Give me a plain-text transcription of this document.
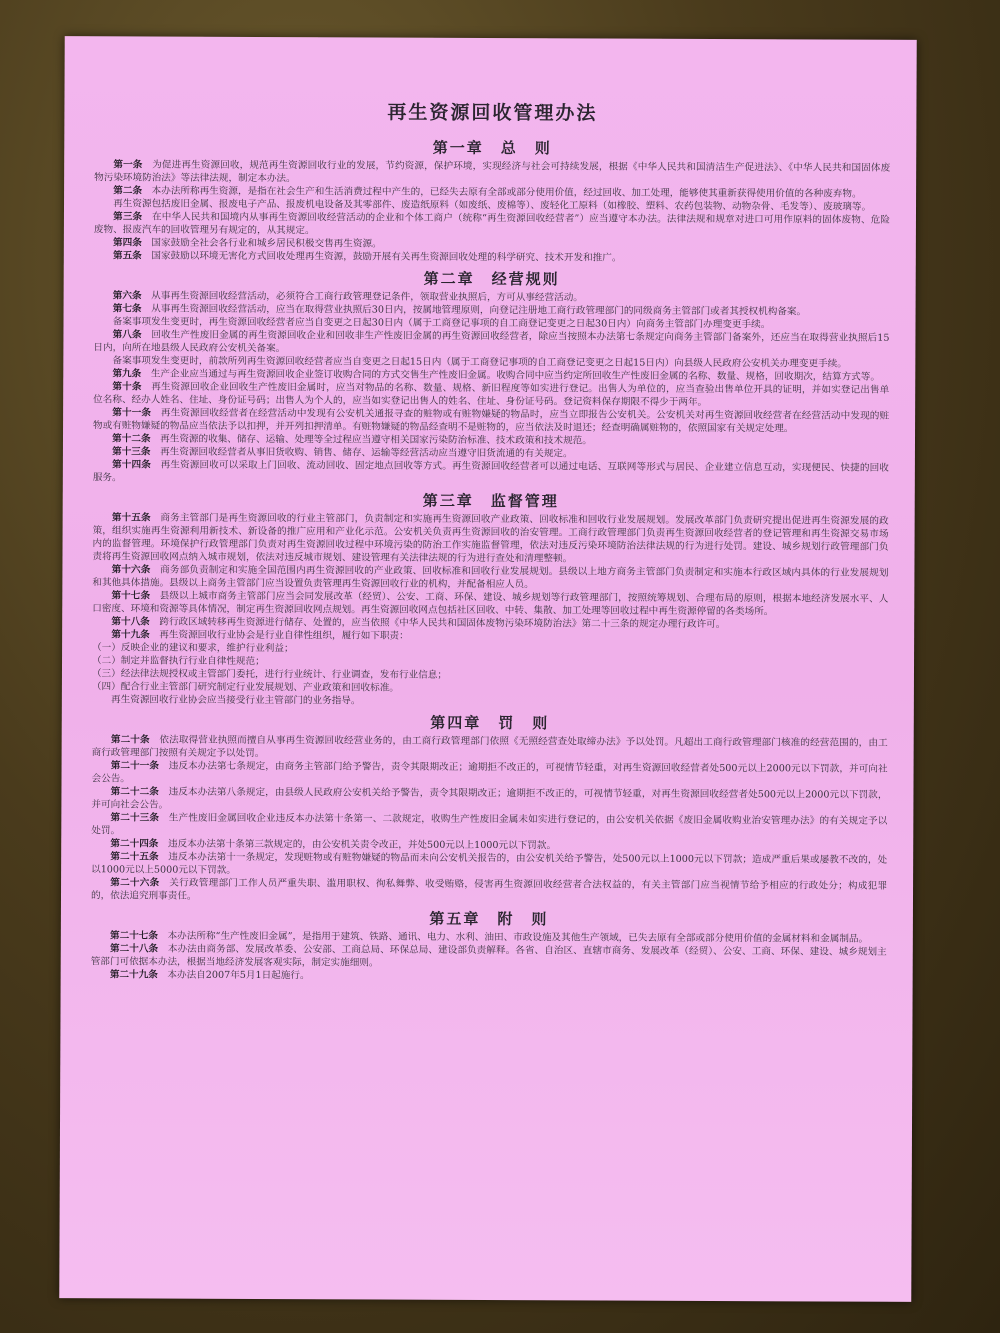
再生资源回收管理办法
第一章　总　则

第一条　为促进再生资源回收，规范再生资源回收行业的发展，节约资源，保护环境，实现经济与社会可持续发展，根据《中华人民共和国清洁生产促进法》、《中华人民共和国固体废物污染环境防治法》等法律法规，制定本办法。

第二条　本办法所称再生资源，是指在社会生产和生活消费过程中产生的，已经失去原有全部或部分使用价值，经过回收、加工处理，能够使其重新获得使用价值的各种废弃物。

再生资源包括废旧金属、报废电子产品、报废机电设备及其零部件、废造纸原料（如废纸、废棉等）、废轻化工原料（如橡胶、塑料、农药包装物、动物杂骨、毛发等）、废玻璃等。

第三条　在中华人民共和国境内从事再生资源回收经营活动的企业和个体工商户（统称“再生资源回收经营者”）应当遵守本办法。法律法规和规章对进口可用作原料的固体废物、危险废物、报废汽车的回收管理另有规定的，从其规定。

第四条　国家鼓励全社会各行业和城乡居民积极交售再生资源。

第五条　国家鼓励以环境无害化方式回收处理再生资源，鼓励开展有关再生资源回收处理的科学研究、技术开发和推广。

第二章　经营规则

第六条　从事再生资源回收经营活动，必须符合工商行政管理登记条件，领取营业执照后，方可从事经营活动。

第七条　从事再生资源回收经营活动，应当在取得营业执照后30日内，按属地管理原则，向登记注册地工商行政管理部门的同级商务主管部门或者其授权机构备案。

备案事项发生变更时，再生资源回收经营者应当自变更之日起30日内（属于工商登记事项的自工商登记变更之日起30日内）向商务主管部门办理变更手续。

第八条　回收生产性废旧金属的再生资源回收企业和回收非生产性废旧金属的再生资源回收经营者，除应当按照本办法第七条规定向商务主管部门备案外，还应当在取得营业执照后15日内，向所在地县级人民政府公安机关备案。

备案事项发生变更时，前款所列再生资源回收经营者应当自变更之日起15日内（属于工商登记事项的自工商登记变更之日起15日内）向县级人民政府公安机关办理变更手续。

第九条　生产企业应当通过与再生资源回收企业签订收购合同的方式交售生产性废旧金属。收购合同中应当约定所回收生产性废旧金属的名称、数量、规格，回收期次，结算方式等。

第十条　再生资源回收企业回收生产性废旧金属时，应当对物品的名称、数量、规格、新旧程度等如实进行登记。出售人为单位的，应当查验出售单位开具的证明，并如实登记出售单位名称、经办人姓名、住址、身份证号码；出售人为个人的，应当如实登记出售人的姓名、住址、身份证号码。登记资料保存期限不得少于两年。

第十一条　再生资源回收经营者在经营活动中发现有公安机关通报寻查的赃物或有赃物嫌疑的物品时，应当立即报告公安机关。公安机关对再生资源回收经营者在经营活动中发现的赃物或有赃物嫌疑的物品应当依法予以扣押，并开列扣押清单。有赃物嫌疑的物品经查明不是赃物的，应当依法及时退还；经查明确属赃物的，依照国家有关规定处理。

第十二条　再生资源的收集、储存、运输、处理等全过程应当遵守相关国家污染防治标准、技术政策和技术规范。

第十三条　再生资源回收经营者从事旧货收购、销售、储存、运输等经营活动应当遵守旧货流通的有关规定。

第十四条　再生资源回收可以采取上门回收、流动回收、固定地点回收等方式。再生资源回收经营者可以通过电话、互联网等形式与居民、企业建立信息互动，实现便民、快捷的回收服务。

第三章　监督管理

第十五条　商务主管部门是再生资源回收的行业主管部门，负责制定和实施再生资源回收产业政策、回收标准和回收行业发展规划。发展改革部门负责研究提出促进再生资源发展的政策，组织实施再生资源利用新技术、新设备的推广应用和产业化示范。公安机关负责再生资源回收的治安管理。工商行政管理部门负责再生资源回收经营者的登记管理和再生资源交易市场内的监督管理。环境保护行政管理部门负责对再生资源回收过程中环境污染的防治工作实施监督管理，依法对违反污染环境防治法律法规的行为进行处罚。建设、城乡规划行政管理部门负责将再生资源回收网点纳入城市规划，依法对违反城市规划、建设管理有关法律法规的行为进行查处和清理整顿。

第十六条　商务部负责制定和实施全国范围内再生资源回收的产业政策、回收标准和回收行业发展规划。县级以上地方商务主管部门负责制定和实施本行政区域内具体的行业发展规划和其他具体措施。县级以上商务主管部门应当设置负责管理再生资源回收行业的机构，并配备相应人员。

第十七条　县级以上城市商务主管部门应当会同发展改革（经贸）、公安、工商、环保、建设、城乡规划等行政管理部门，按照统筹规划、合理布局的原则，根据本地经济发展水平、人口密度、环境和资源等具体情况，制定再生资源回收网点规划。再生资源回收网点包括社区回收、中转、集散、加工处理等回收过程中再生资源停留的各类场所。

第十八条　跨行政区域转移再生资源进行储存、处置的，应当依照《中华人民共和国固体废物污染环境防治法》第二十三条的规定办理行政许可。

第十九条　再生资源回收行业协会是行业自律性组织，履行如下职责：

（一）反映企业的建议和要求，维护行业利益；

（二）制定并监督执行行业自律性规范；

（三）经法律法规授权或主管部门委托，进行行业统计、行业调查，发布行业信息；

（四）配合行业主管部门研究制定行业发展规划、产业政策和回收标准。

再生资源回收行业协会应当接受行业主管部门的业务指导。

第四章　罚　则

第二十条　依法取得营业执照而擅自从事再生资源回收经营业务的，由工商行政管理部门依照《无照经营查处取缔办法》予以处罚。凡超出工商行政管理部门核准的经营范围的，由工商行政管理部门按照有关规定予以处罚。

第二十一条　违反本办法第七条规定，由商务主管部门给予警告，责令其限期改正；逾期拒不改正的，可视情节轻重，对再生资源回收经营者处500元以上2000元以下罚款，并可向社会公告。

第二十二条　违反本办法第八条规定，由县级人民政府公安机关给予警告，责令其限期改正；逾期拒不改正的，可视情节轻重，对再生资源回收经营者处500元以上2000元以下罚款，并可向社会公告。

第二十三条　生产性废旧金属回收企业违反本办法第十条第一、二款规定，收购生产性废旧金属未如实进行登记的，由公安机关依据《废旧金属收购业治安管理办法》的有关规定予以处罚。

第二十四条　违反本办法第十条第三款规定的，由公安机关责令改正，并处500元以上1000元以下罚款。

第二十五条　违反本办法第十一条规定，发现赃物或有赃物嫌疑的物品而未向公安机关报告的，由公安机关给予警告，处500元以上1000元以下罚款；造成严重后果或屡教不改的，处以1000元以上5000元以下罚款。

第二十六条　关行政管理部门工作人员严重失职、滥用职权、徇私舞弊、收受贿赂，侵害再生资源回收经营者合法权益的，有关主管部门应当视情节给予相应的行政处分；构成犯罪的，依法追究刑事责任。

第五章　附　则

第二十七条　本办法所称“生产性废旧金属”，是指用于建筑、铁路、通讯、电力、水利、油田、市政设施及其他生产领域，已失去原有全部或部分使用价值的金属材料和金属制品。

第二十八条　本办法由商务部、发展改革委、公安部、工商总局、环保总局、建设部负责解释。各省、自治区、直辖市商务、发展改革（经贸）、公安、工商、环保、建设、城乡规划主管部门可依据本办法，根据当地经济发展客观实际，制定实施细则。

第二十九条　本办法自2007年5月1日起施行。
